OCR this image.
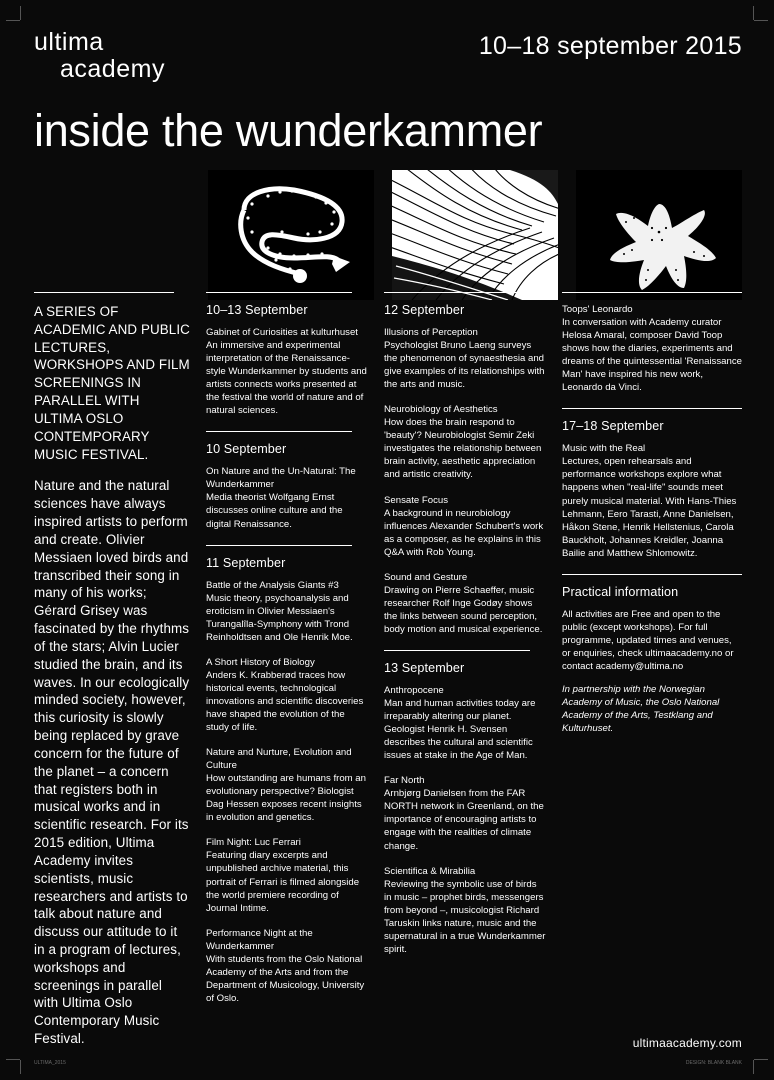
ultima
academy
10–18 september 2015
inside the wunderkammer
A SERIES OF ACADEMIC AND PUBLIC LECTURES, WORKSHOPS AND FILM SCREENINGS IN PARALLEL WITH ULTIMA OSLO CONTEMPORARY MUSIC FESTIVAL.
Nature and the natural sciences have always inspired artists to perform and create. Olivier Messiaen loved birds and transcribed their song in many of his works; Gérard Grisey was fascinated by the rhythms of the stars; Alvin Lucier studied the brain, and its waves. In our ecologically minded society, however, this curiosity is slowly being replaced by grave concern for the future of the planet – a concern that registers both in musical works and in scientific research. For its 2015 edition, Ultima Academy invites scientists, music researchers and artists to talk about nature and discuss our attitude to it in a program of lectures, workshops and screenings in parallel with Ultima Oslo Contemporary Music Festival.
10–13 September

Gabinet of Curiosities at kulturhuset

An immersive and experimental interpretation of the Renaissance-style Wunderkammer by students and artists connects works presented at the festival the world of nature and of natural sciences.

10 September

On Nature and the Un-Natural: The Wunderkammer

Media theorist Wolfgang Ernst discusses online culture and the digital Renaissance.

11 September

Battle of the Analysis Giants #3

Music theory, psychoanalysis and eroticism in Olivier Messiaen's Turangalîla-Symphony with Trond Reinholdtsen and Ole Henrik Moe.

A Short History of Biology

Anders K. Krabberød traces how historical events, technological innovations and scientific discoveries have shaped the evolution of the study of life.

Nature and Nurture, Evolution and Culture

How outstanding are humans from an evolutionary perspective? Biologist Dag Hessen exposes recent insights in evolution and genetics.

Film Night: Luc Ferrari

Featuring diary excerpts and unpublished archive material, this portrait of Ferrari is filmed alongside the world premiere recording of Journal Intime.

Performance Night at the Wunderkammer

With students from the Oslo National Academy of the Arts and from the Department of Musicology, University of Oslo.

12 September

Illusions of Perception

Psychologist Bruno Laeng surveys the phenomenon of synaesthesia and give examples of its relationships with the arts and music.

Neurobiology of Aesthetics

How does the brain respond to 'beauty'? Neurobiologist Semir Zeki investigates the relationship between brain activity, aesthetic appreciation and artistic creativity.

Sensate Focus

A background in neurobiology influences Alexander Schubert's work as a composer, as he explains in this Q&A with Rob Young.

Sound and Gesture

Drawing on Pierre Schaeffer, music researcher Rolf Inge Godøy shows the links between sound perception, body motion and musical experience.

13 September

Anthropocene

Man and human activities today are irreparably altering our planet. Geologist Henrik H. Svensen describes the cultural and scientific issues at stake in the Age of Man.

Far North

Arnbjørg Danielsen from the FAR NORTH network in Greenland, on the importance of encouraging artists to engage with the realities of climate change.

Scientifica & Mirabilia

Reviewing the symbolic use of birds in music – prophet birds, messengers from beyond –, musicologist Richard Taruskin links nature, music and the supernatural in a true Wunderkammer spirit.

Toops' Leonardo

In conversation with Academy curator Helosa Amaral, composer David Toop shows how the diaries, experiments and dreams of the quintessential 'Renaissance Man' have inspired his new work, Leonardo da Vinci.

17–18 September

Music with the Real

Lectures, open rehearsals and performance workshops explore what happens when "real-life" sounds meet purely musical material. With Hans-Thies Lehmann, Eero Tarasti, Anne Danielsen, Håkon Stene, Henrik Hellstenius, Carola Bauckholt, Johannes Kreidler, Joanna Bailie and Matthew Shlomowitz.

Practical information

All activities are Free and open to the public (except workshops). For full programme, updated times and venues, or enquiries, check ultimaacademy.no or contact academy@ultima.no

In partnership with the Norwegian Academy of Music, the Oslo National Academy of the Arts, Testklang and Kulturhuset.

ultimaacademy.com
ULTIMA_2015	DESIGN: BLANK BLANK
